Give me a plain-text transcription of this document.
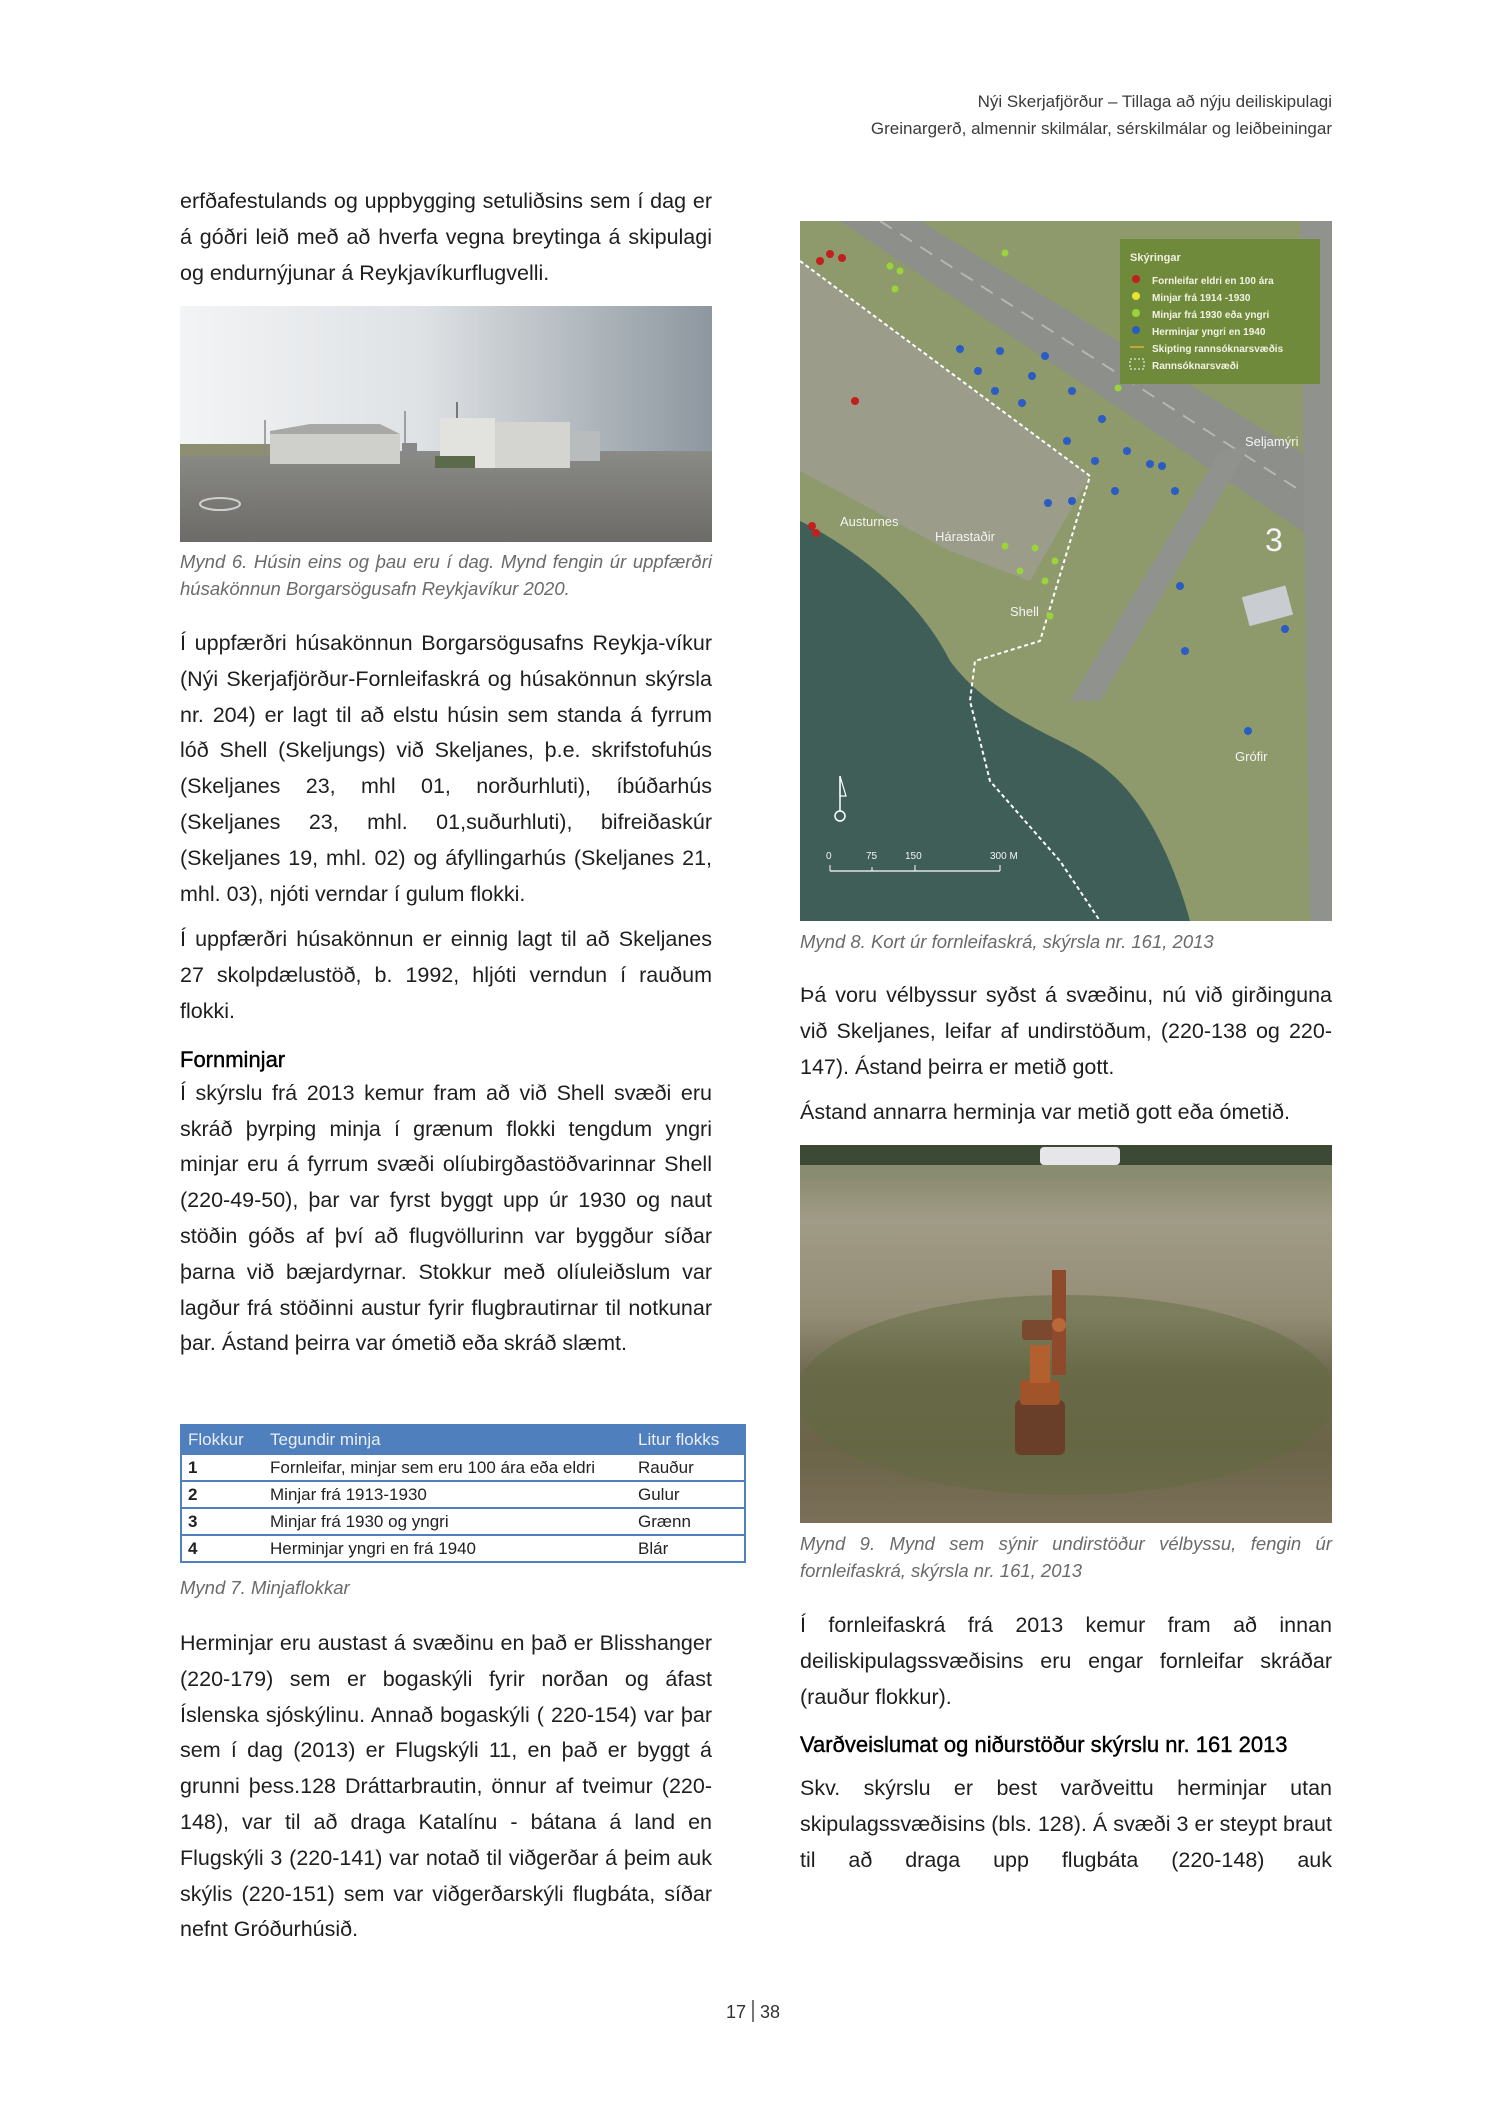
Nýi Skerjafjörður – Tillaga að nýju deiliskipulagi
Greinargerð, almennir skilmálar, sérskilmálar og leiðbeiningar

erfðafestulands og uppbygging setuliðsins sem í dag er á góðri leið með að hverfa vegna breytinga á skipulagi og endurnýjunar á Reykjavíkurflugvelli.

Mynd 6. Húsin eins og þau eru í dag. Mynd fengin úr uppfærðri húsakönnun Borgarsögusafn Reykjavíkur 2020.

Í uppfærðri húsakönnun Borgarsögusafns Reykja-víkur (Nýi Skerjafjörður-Fornleifaskrá og húsakönnun skýrsla nr. 204) er lagt til að elstu húsin sem standa á fyrrum lóð Shell (Skeljungs) við Skeljanes, þ.e. skrifstofuhús (Skeljanes 23, mhl 01, norðurhluti), íbúðarhús (Skeljanes 23, mhl. 01,suðurhluti), bifreiðaskúr (Skeljanes 19, mhl. 02) og áfyllingarhús (Skeljanes 21, mhl. 03), njóti verndar í gulum flokki.

Í uppfærðri húsakönnun er einnig lagt til að Skeljanes 27 skolpdælustöð, b. 1992, hljóti verndun í rauðum flokki.

Fornminjar

Í skýrslu frá 2013 kemur fram að við Shell svæði eru skráð þyrping minja í grænum flokki tengdum yngri minjar eru á fyrrum svæði olíubirgðastöðvarinnar Shell (220-49-50), þar var fyrst byggt upp úr 1930 og naut stöðin góðs af því að flugvöllurinn var byggður síðar þarna við bæjardyrnar. Stokkur með olíuleiðslum var lagður frá stöðinni austur fyrir flugbrautirnar til notkunar þar. Ástand þeirra var ómetið eða skráð slæmt.

Flokkur	Tegundir minja	Litur flokks
1	Fornleifar, minjar sem eru 100 ára eða eldri	Rauður
2	Minjar frá 1913-1930	Gulur
3	Minjar frá 1930 og yngri	Grænn
4	Herminjar yngri en frá 1940	Blár

Mynd 7. Minjaflokkar

Herminjar eru austast á svæðinu en það er Blisshanger (220-179) sem er bogaskýli fyrir norðan og áfast Íslenska sjóskýlinu. Annað bogaskýli ( 220-154) var þar sem í dag (2013) er Flugskýli 11, en það er byggt á grunni þess.128 Dráttarbrautin, önnur af tveimur (220-148), var til að draga Katalínu - bátana á land en Flugskýli 3 (220-141) var notað til viðgerðar á þeim auk skýlis (220-151) sem var viðgerðarskýli flugbáta, síðar nefnt Gróðurhúsið.

Skýringar
Austurnes
Hárastaðir
Seljamýri
3
Grófir
Shell
0	75	150	300 M
Fornleifar eldri en 100 ára
Minjar frá 1914 -1930
Minjar frá 1930 eða yngri
Herminjar yngri en 1940
Skipting rannsóknarsvæðis
Rannsóknarsvæði

Mynd 8. Kort úr fornleifaskrá, skýrsla nr. 161, 2013

Þá voru vélbyssur syðst á svæðinu, nú við girðinguna við Skeljanes, leifar af undirstöðum, (220-138 og 220-147). Ástand þeirra er metið gott.

Ástand annarra herminja var metið gott eða ómetið.

Mynd 9. Mynd sem sýnir undirstöður vélbyssu, fengin úr fornleifaskrá, skýrsla nr. 161, 2013

Í fornleifaskrá frá 2013 kemur fram að innan deiliskipulagssvæðisins eru engar fornleifar skráðar (rauður flokkur).

Varðveislumat og niðurstöður skýrslu nr. 161 2013

Skv. skýrslu er best varðveittu herminjar utan skipulagssvæðisins (bls. 128). Á svæði 3 er steypt braut til að draga upp flugbáta (220-148) auk

17 38
